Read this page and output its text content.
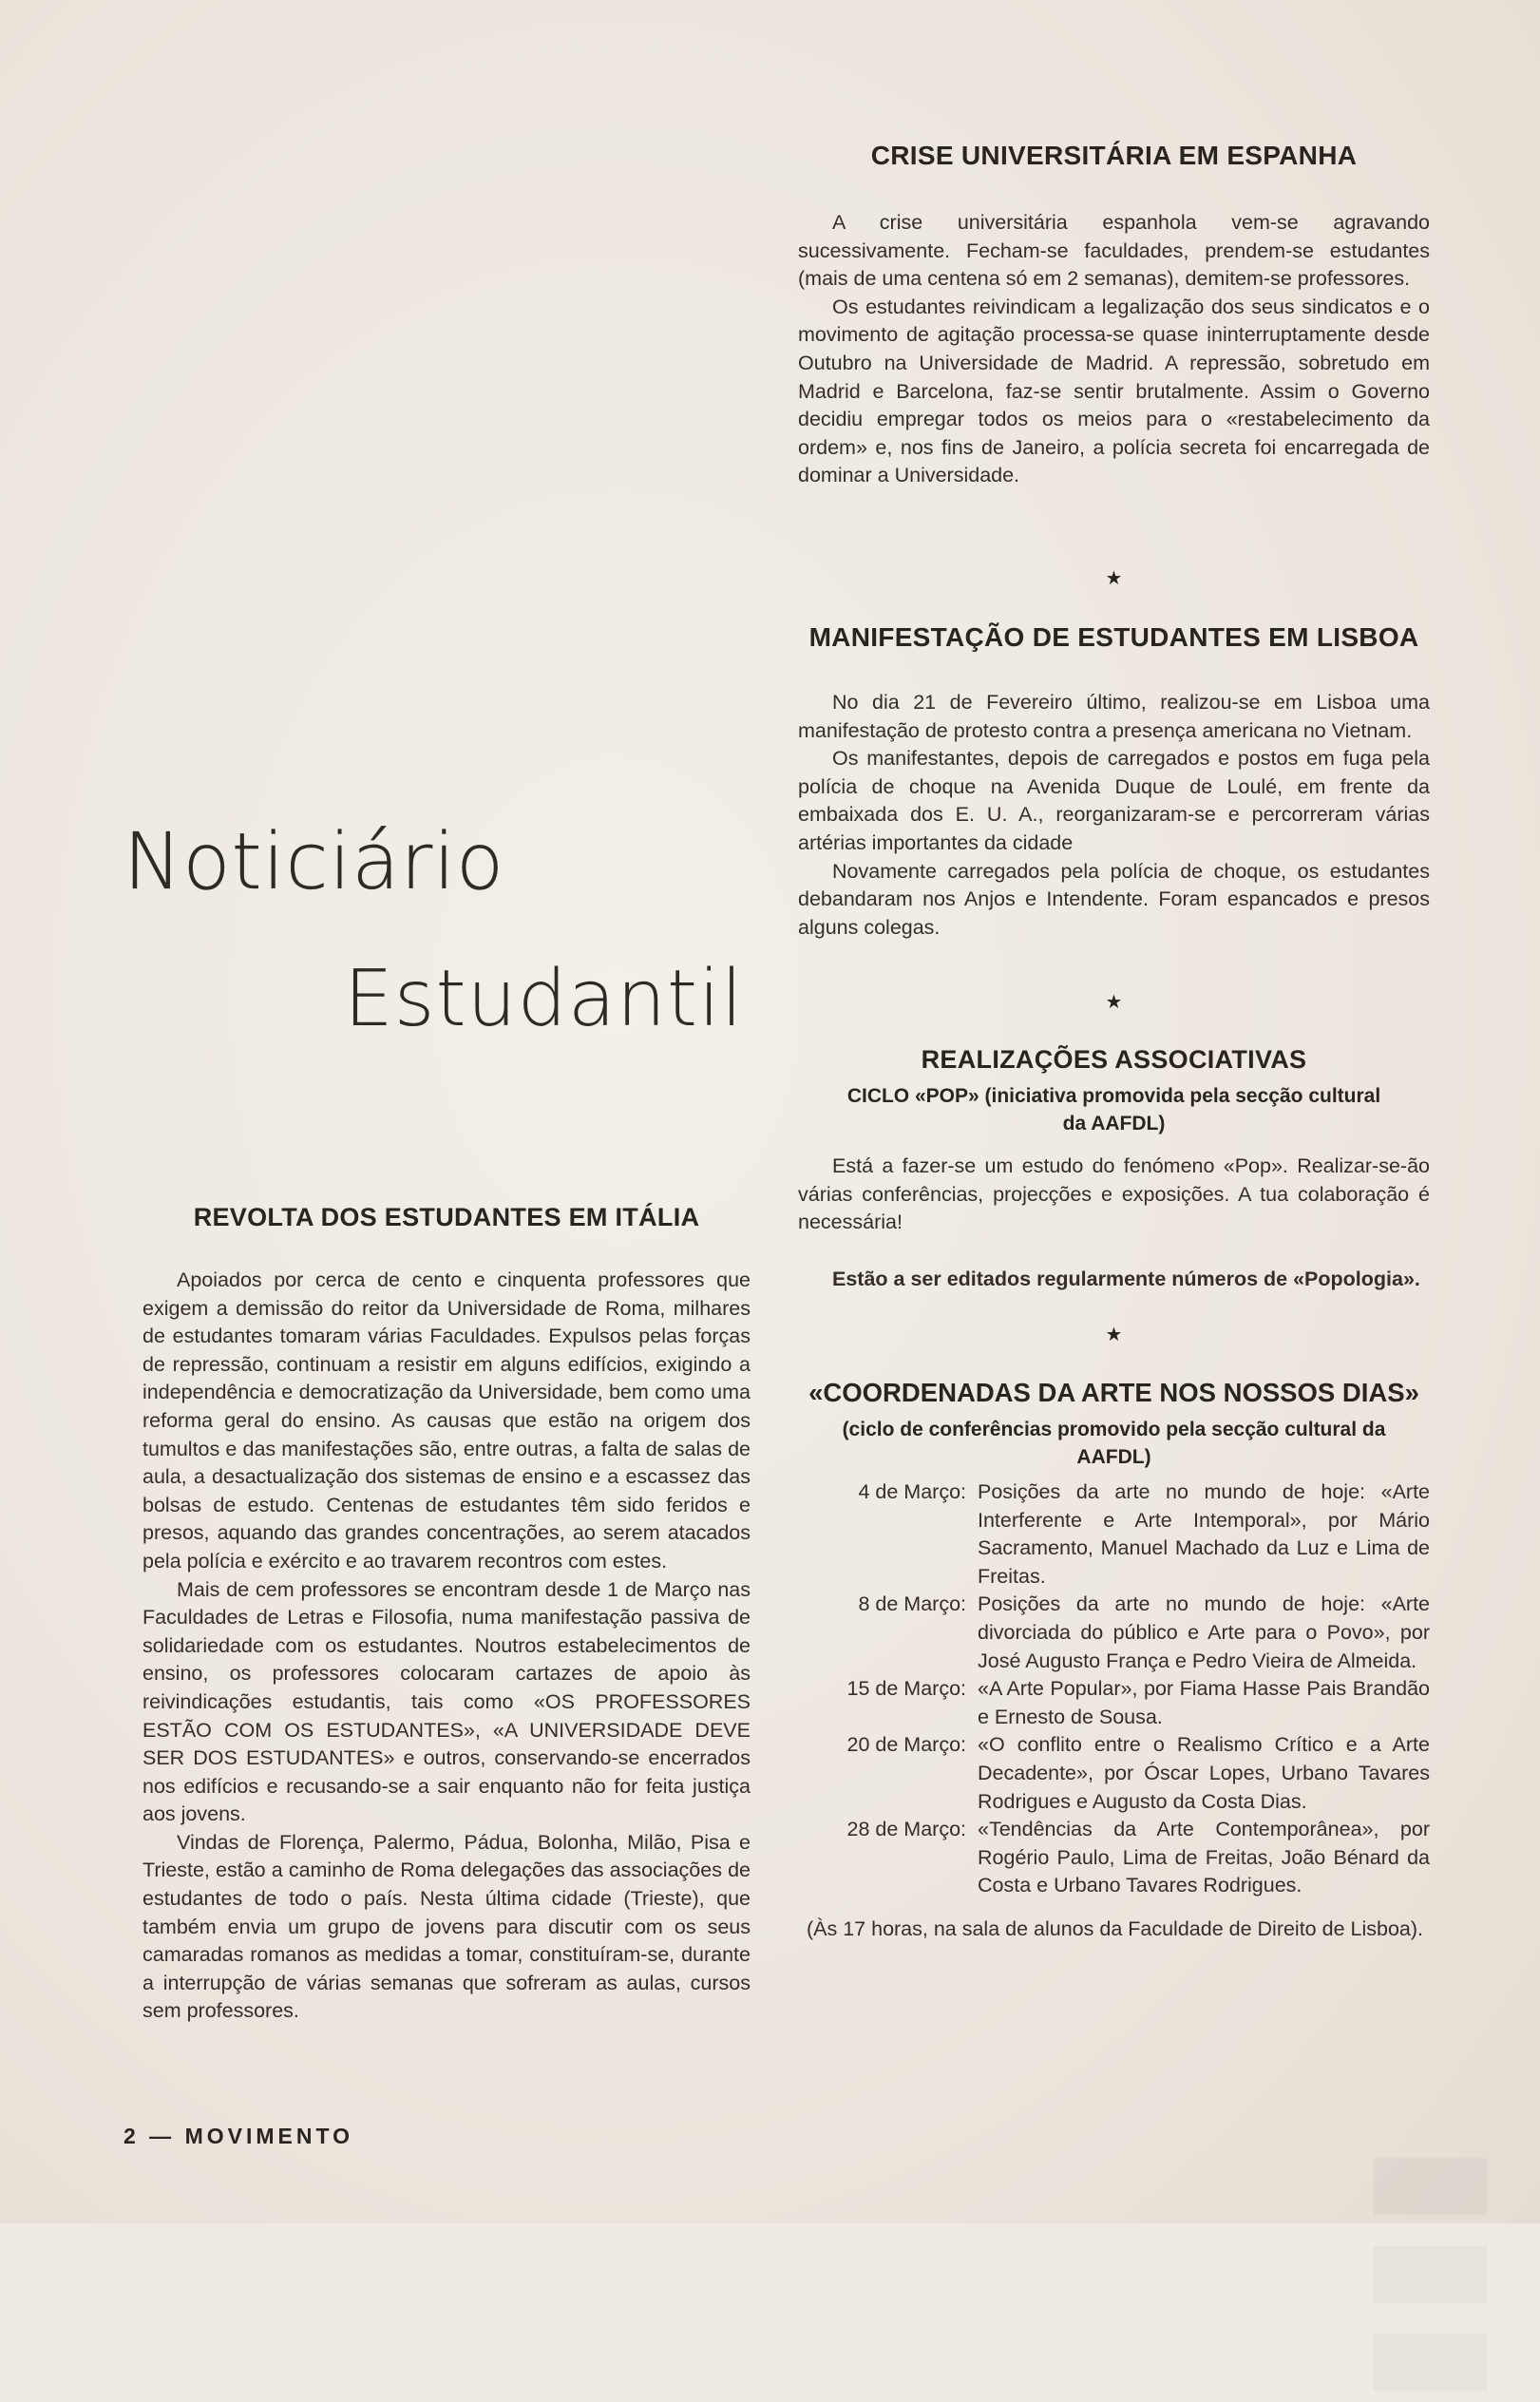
▮▮▮
Noticiário
Estudantil
CRISE UNIVERSITÁRIA EM ESPANHA

A crise universitária espanhola vem-se agravando sucessivamente. Fecham-se faculdades, prendem-se estudantes (mais de uma centena só em 2 semanas), demitem-se professores.

Os estudantes reivindicam a legalização dos seus sindicatos e o movimento de agitação processa-se quase ininterruptamente desde Outubro na Universidade de Madrid. A repressão, sobretudo em Madrid e Barcelona, faz-se sentir brutalmente. Assim o Governo decidiu empregar todos os meios para o «restabelecimento da ordem» e, nos fins de Janeiro, a polícia secreta foi encarregada de dominar a Universidade.

★
MANIFESTAÇÃO DE ESTUDANTES EM LISBOA

No dia 21 de Fevereiro último, realizou-se em Lisboa uma manifestação de protesto contra a presença americana no Vietnam.

Os manifestantes, depois de carregados e postos em fuga pela polícia de choque na Avenida Duque de Loulé, em frente da embaixada dos E. U. A., reorganizaram-se e percorreram várias artérias importantes da cidade

Novamente carregados pela polícia de choque, os estudantes debandaram nos Anjos e Intendente. Foram espancados e presos alguns colegas.

★
REALIZAÇÕES ASSOCIATIVAS
CICLO «POP» (iniciativa promovida pela secção cultural da AAFDL)

Está a fazer-se um estudo do fenómeno «Pop». Realizar-se-ão várias conferências, projecções e exposições. A tua colaboração é necessária!

Estão a ser editados regularmente números de «Popologia».

★
«COORDENADAS DA ARTE NOS NOSSOS DIAS»
(ciclo de conferências promovido pela secção cultural da AAFDL)
4 de Março:	Posições da arte no mundo de hoje: «Arte Interferente e Arte Intemporal», por Mário Sacramento, Manuel Machado da Luz e Lima de Freitas.
8 de Março:	Posições da arte no mundo de hoje: «Arte divorciada do público e Arte para o Povo», por José Augusto França e Pedro Vieira de Almeida.
15 de Março:	«A Arte Popular», por Fiama Hasse Pais Brandão e Ernesto de Sousa.
20 de Março:	«O conflito entre o Realismo Crítico e a Arte Decadente», por Óscar Lopes, Urbano Tavares Rodrigues e Augusto da Costa Dias.
28 de Março:	«Tendências da Arte Contemporânea», por Rogério Paulo, Lima de Freitas, João Bénard da Costa e Urbano Tavares Rodrigues.

(Às 17 horas, na sala de alunos da Faculdade de Direito de Lisboa).

REVOLTA DOS ESTUDANTES EM ITÁLIA

Apoiados por cerca de cento e cinquenta professores que exigem a demissão do reitor da Universidade de Roma, milhares de estudantes tomaram várias Faculdades. Expulsos pelas forças de repressão, continuam a resistir em alguns edifícios, exigindo a independência e democratização da Universidade, bem como uma reforma geral do ensino. As causas que estão na origem dos tumultos e das manifestações são, entre outras, a falta de salas de aula, a desactualização dos sistemas de ensino e a escassez das bolsas de estudo. Centenas de estudantes têm sido feridos e presos, aquando das grandes concentrações, ao serem atacados pela polícia e exército e ao travarem recontros com estes.

Mais de cem professores se encontram desde 1 de Março nas Faculdades de Letras e Filosofia, numa manifestação passiva de solidariedade com os estudantes. Noutros estabelecimentos de ensino, os professores colocaram cartazes de apoio às reivindicações estudantis, tais como «OS PROFESSORES ESTÃO COM OS ESTUDANTES», «A UNIVERSIDADE DEVE SER DOS ESTUDANTES» e outros, conservando-se encerrados nos edifícios e recusando-se a sair enquanto não for feita justiça aos jovens.

Vindas de Florença, Palermo, Pádua, Bolonha, Milão, Pisa e Trieste, estão a caminho de Roma delegações das associações de estudantes de todo o país. Nesta última cidade (Trieste), que também envia um grupo de jovens para discutir com os seus camaradas romanos as medidas a tomar, constituíram-se, durante a interrupção de várias semanas que sofreram as aulas, cursos sem professores.

2 — MOVIMENTO
